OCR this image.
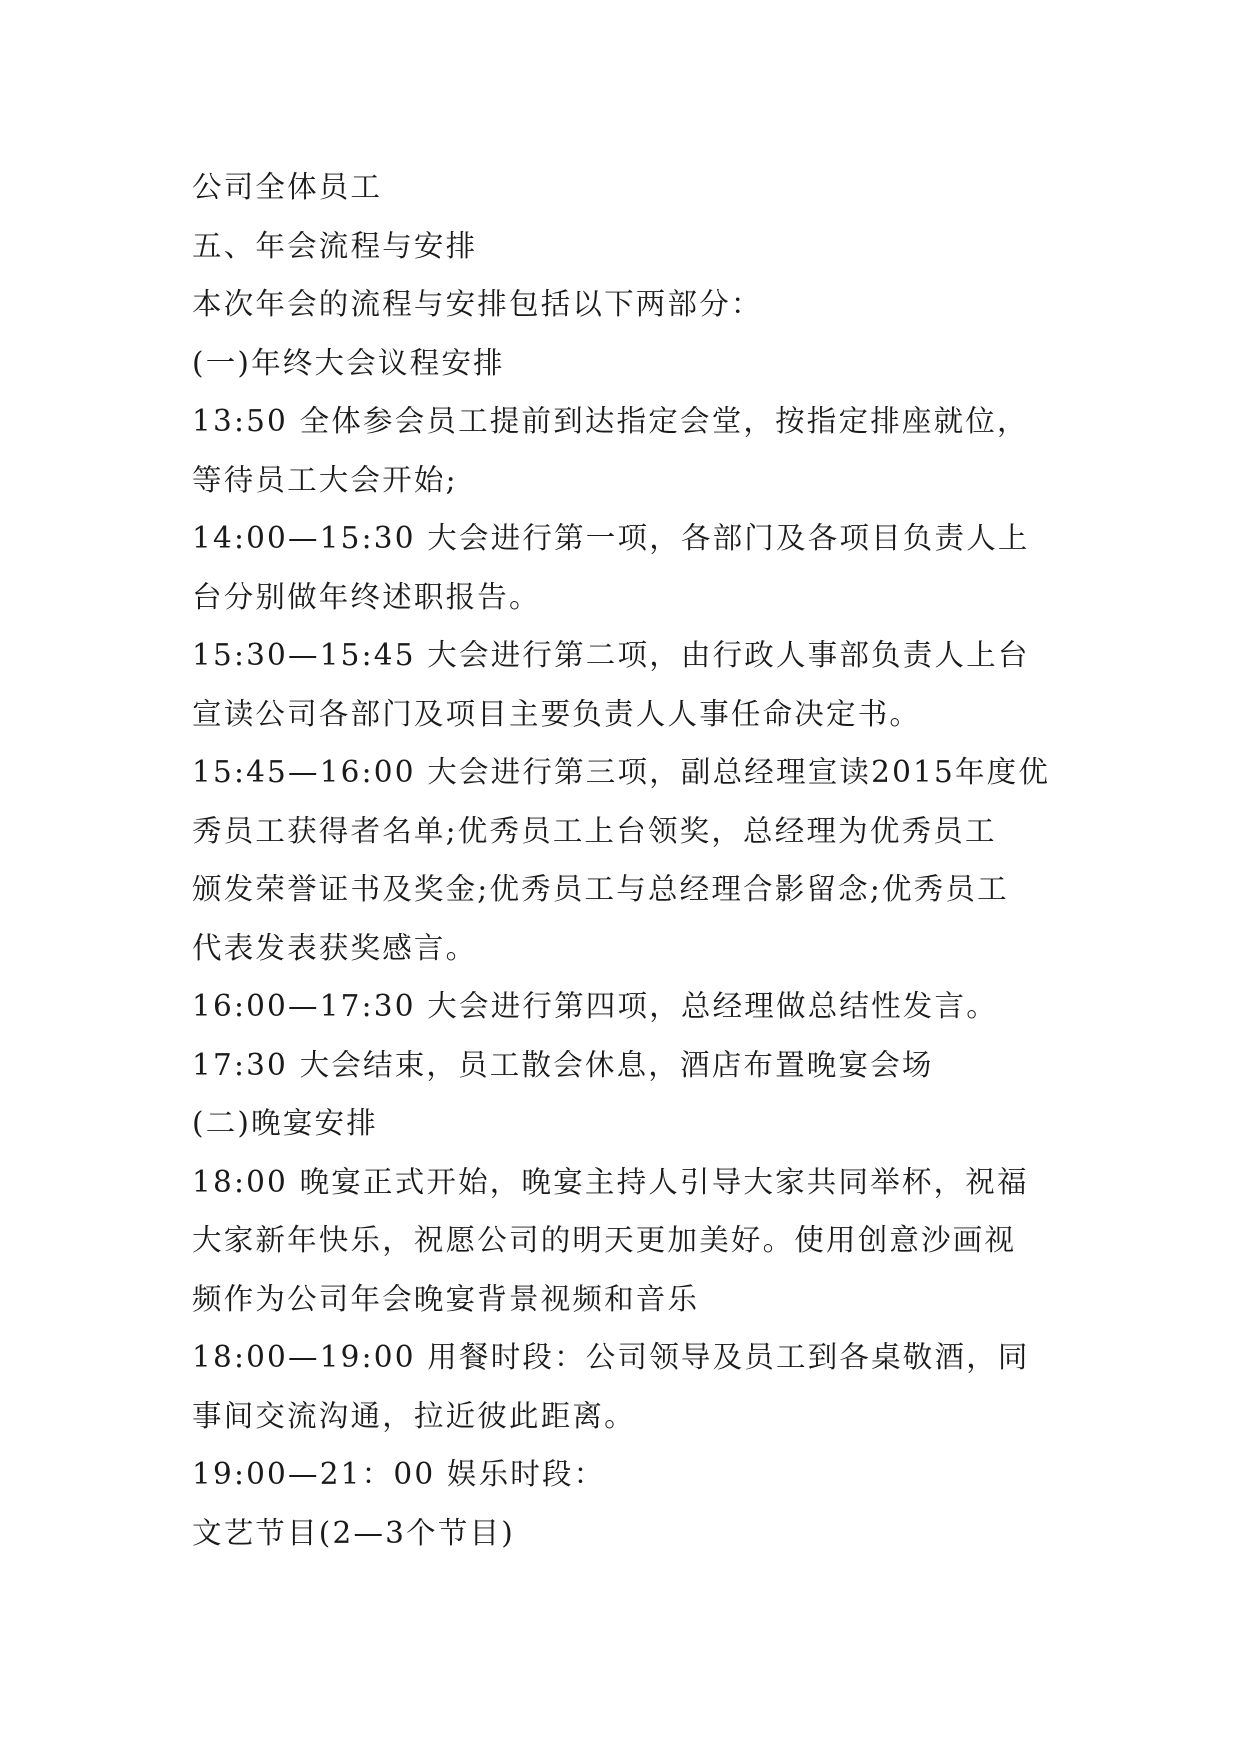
公司全体员工
五、年会流程与安排
本次年会的流程与安排包括以下两部分：
(一)年终大会议程安排
13:50 全体参会员工提前到达指定会堂，按指定排座就位，
等待员工大会开始;
14:00—15:30 大会进行第一项，各部门及各项目负责人上
台分别做年终述职报告。
15:30—15:45 大会进行第二项，由行政人事部负责人上台
宣读公司各部门及项目主要负责人人事任命决定书。
15:45—16:00 大会进行第三项，副总经理宣读2015年度优
秀员工获得者名单;优秀员工上台领奖，总经理为优秀员工
颁发荣誉证书及奖金;优秀员工与总经理合影留念;优秀员工
代表发表获奖感言。
16:00—17:30 大会进行第四项，总经理做总结性发言。
17:30 大会结束，员工散会休息，酒店布置晚宴会场
(二)晚宴安排
18:00 晚宴正式开始，晚宴主持人引导大家共同举杯，祝福
大家新年快乐，祝愿公司的明天更加美好。使用创意沙画视
频作为公司年会晚宴背景视频和音乐
18:00—19:00 用餐时段：公司领导及员工到各桌敬酒，同
事间交流沟通，拉近彼此距离。
19:00—21：00 娱乐时段：
文艺节目(2—3个节目)
